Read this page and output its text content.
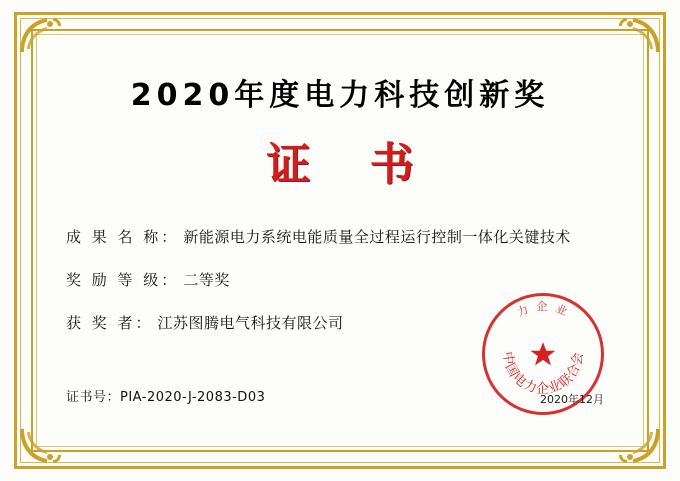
2020年度电力科技创新奖
证 书
成 果 名 称： 新能源电力系统电能质量全过程运行控制一体化关键技术
奖 励 等 级： 二等奖
获 奖 者： 江苏图腾电气科技有限公司
证书号：PIA-2020-J-2083-D03
中国电力企业联合会
力 企 业
2020年12月
